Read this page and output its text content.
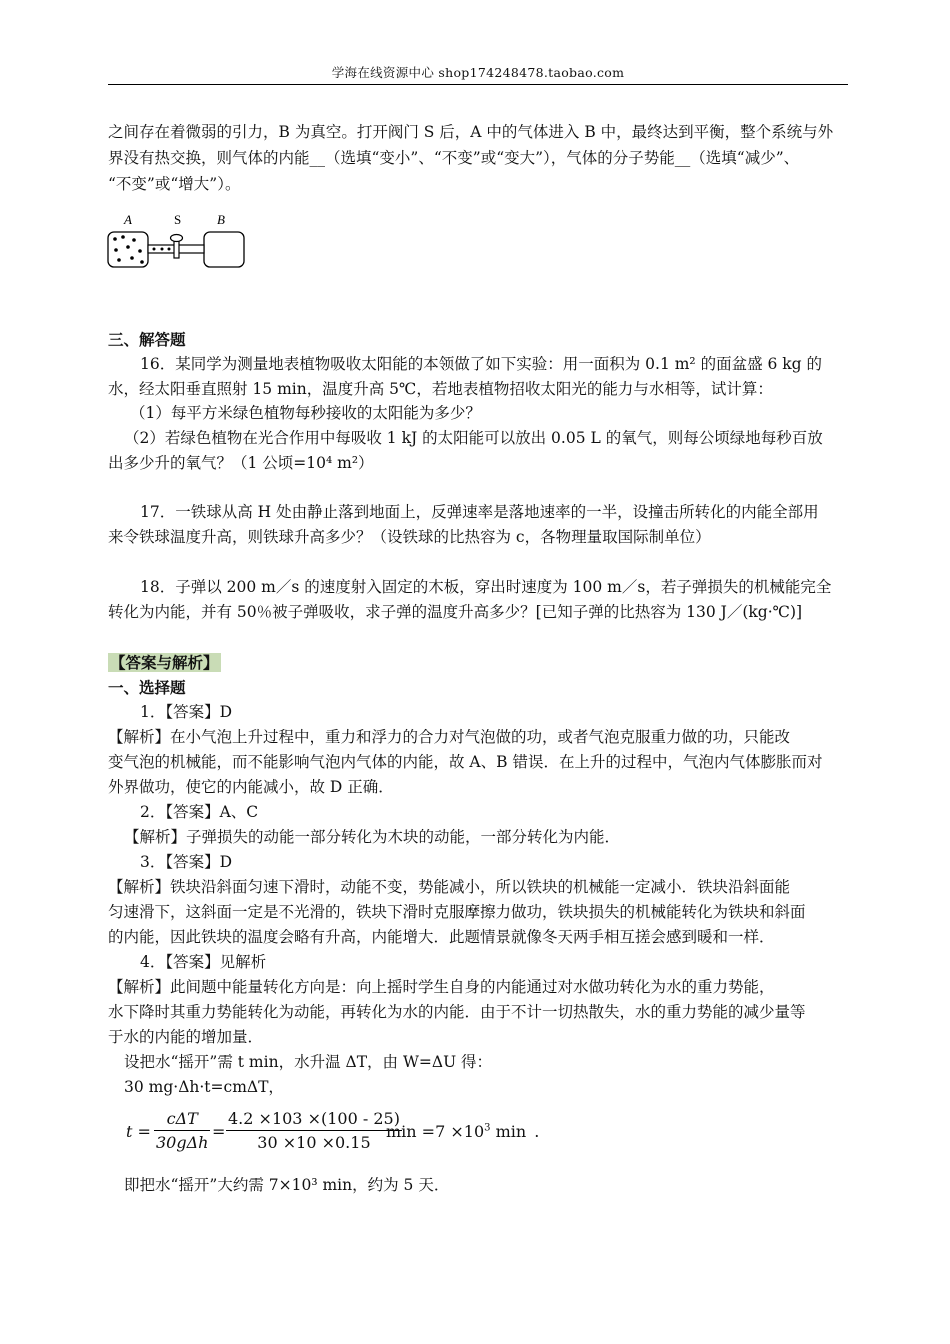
学海在线资源中心 shop174248478.taobao.com
之间存在着微弱的引力，B 为真空。打开阀门 S 后，A 中的气体进入 B 中，最终达到平衡，整个系统与外
界没有热交换，则气体的内能__（选填“变小”、“不变”或“变大”），气体的分子势能__（选填“减少”、
“不变”或“增大”）。
A	S	B
三、解答题
16．某同学为测量地表植物吸收太阳能的本领做了如下实验：用一面积为 0.1 m² 的面盆盛 6 kg 的
水，经太阳垂直照射 15 min，温度升高 5℃，若地表植物招收太阳光的能力与水相等，试计算：
（1）每平方米绿色植物每秒接收的太阳能为多少？
（2）若绿色植物在光合作用中每吸收 1 kJ 的太阳能可以放出 0.05 L 的氧气，则每公顷绿地每秒百放
出多少升的氧气？（1 公顷=10⁴ m²）
17．一铁球从高 H 处由静止落到地面上，反弹速率是落地速率的一半，设撞击所转化的内能全部用
来令铁球温度升高，则铁球升高多少？（设铁球的比热容为 c，各物理量取国际制单位）
18．子弹以 200 m／s 的速度射入固定的木板，穿出时速度为 100 m／s，若子弹损失的机械能完全
转化为内能，并有 50％被子弹吸收，求子弹的温度升高多少？[已知子弹的比热容为 130 J／(kg·℃)]
【答案与解析】
一、选择题
1．【答案】D
【解析】在小气泡上升过程中，重力和浮力的合力对气泡做的功，或者气泡克服重力做的功，只能改
变气泡的机械能，而不能影响气泡内气体的内能，故 A、B 错误．在上升的过程中，气泡内气体膨胀而对
外界做功，使它的内能减小，故 D 正确．
2．【答案】A、C
【解析】子弹损失的动能一部分转化为木块的动能，一部分转化为内能．
3．【答案】D
【解析】铁块沿斜面匀速下滑时，动能不变，势能减小，所以铁块的机械能一定减小．铁块沿斜面能
匀速滑下，这斜面一定是不光滑的，铁块下滑时克服摩擦力做功，铁块损失的机械能转化为铁块和斜面
的内能，因此铁块的温度会略有升高，内能增大．此题情景就像冬天两手相互搓会感到暖和一样．
4．【答案】见解析
【解析】此间题中能量转化方向是：向上摇时学生自身的内能通过对水做功转化为水的重力势能，
水下降时其重力势能转化为动能，再转化为水的内能．由于不计一切热散失，水的重力势能的减少量等
于水的内能的增加量．
设把水“摇开”需 t min，水升温 ΔT，由 W=ΔU 得：
30 mg·Δh·t=cmΔT，
t =
cΔT
30gΔh
= $\frac{4.2 \times 103 \times(100 - 25)}{30 \times 10 \times 0.15}$
$\min =7 \times 10^3$ min .
即把水“摇开”大约需 7×10³ min，约为 5 天．
